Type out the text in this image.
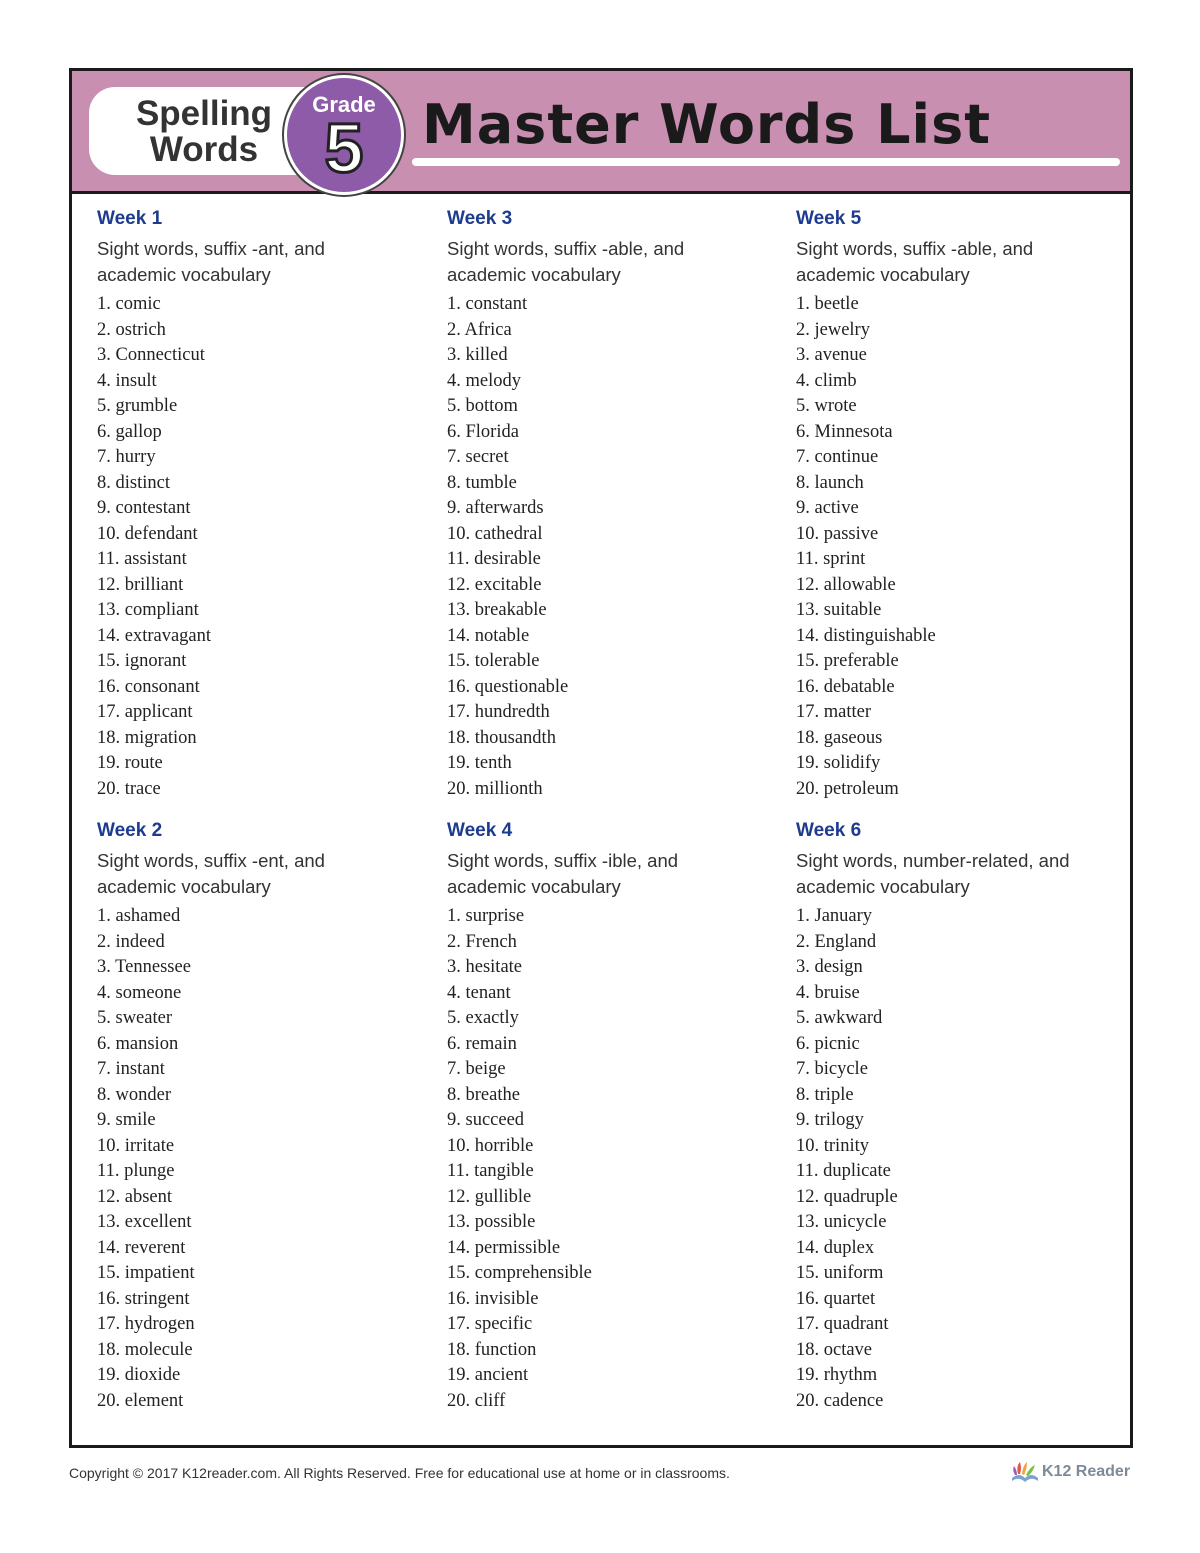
Spelling
Words
Grade
5	Master Words List
Week 1
Sight words, suffix -ant, and
academic vocabulary
1. comic
2. ostrich
3. Connecticut
4. insult
5. grumble
6. gallop
7. hurry
8. distinct
9. contestant
10. defendant
11. assistant
12. brilliant
13. compliant
14. extravagant
15. ignorant
16. consonant
17. applicant
18. migration
19. route
20. trace
Week 2
Sight words, suffix -ent, and
academic vocabulary
1. ashamed
2. indeed
3. Tennessee
4. someone
5. sweater
6. mansion
7. instant
8. wonder
9. smile
10. irritate
11. plunge
12. absent
13. excellent
14. reverent
15. impatient
16. stringent
17. hydrogen
18. molecule
19. dioxide
20. element
Week 3
Sight words, suffix -able, and
academic vocabulary
1. constant
2. Africa
3. killed
4. melody
5. bottom
6. Florida
7. secret
8. tumble
9. afterwards
10. cathedral
11. desirable
12. excitable
13. breakable
14. notable
15. tolerable
16. questionable
17. hundredth
18. thousandth
19. tenth
20. millionth
Week 4
Sight words, suffix -ible, and
academic vocabulary
1. surprise
2. French
3. hesitate
4. tenant
5. exactly
6. remain
7. beige
8. breathe
9. succeed
10. horrible
11. tangible
12. gullible
13. possible
14. permissible
15. comprehensible
16. invisible
17. specific
18. function
19. ancient
20. cliff
Week 5
Sight words, suffix -able, and
academic vocabulary
1. beetle
2. jewelry
3. avenue
4. climb
5. wrote
6. Minnesota
7. continue
8. launch
9. active
10. passive
11. sprint
12. allowable
13. suitable
14. distinguishable
15. preferable
16. debatable
17. matter
18. gaseous
19. solidify
20. petroleum
Week 6
Sight words, number-related, and
academic vocabulary
1. January
2. England
3. design
4. bruise
5. awkward
6. picnic
7. bicycle
8. triple
9. trilogy
10. trinity
11. duplicate
12. quadruple
13. unicycle
14. duplex
15. uniform
16. quartet
17. quadrant
18. octave
19. rhythm
20. cadence
Copyright © 2017 K12reader.com. All Rights Reserved. Free for educational use at home or in classrooms.	K12 Reader
